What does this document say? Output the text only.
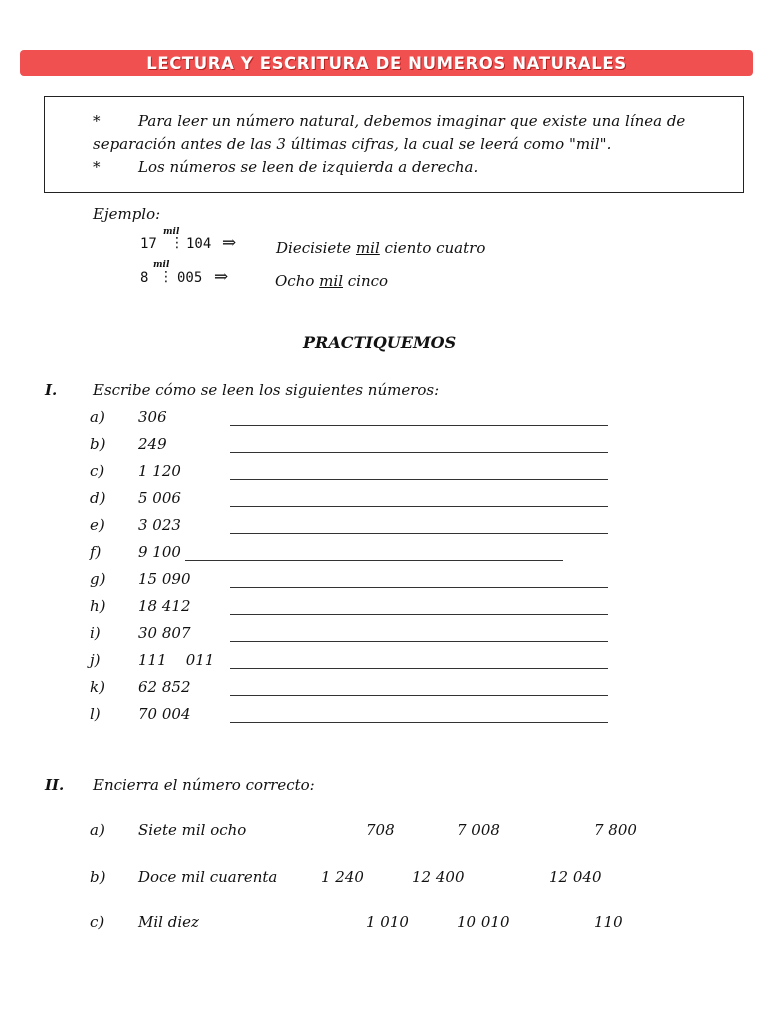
LECTURA Y ESCRITURA DE NUMEROS NATURALES
*	Para leer un número natural, debemos imaginar que existe una línea de
separación antes de las 3 últimas cifras, la cual se leerá como "mil".
*	Los números se leen de izquierda a derecha.
Ejemplo:
17
mil
⋮ 104 ⇒	Diecisiete mil ciento cuatro
8
mil
⋮ 005 ⇒	Ocho mil cinco
PRACTIQUEMOS
I. Escribe cómo se leen los siguientes números:
a) 306
b) 249
c) 1 120
d) 5 006
e) 3 023
f) 9 100
g) 15 090
h) 18 412
i) 30 807
j) 111    011
k) 62 852
l) 70 004
II. Encierra el número correcto:
a) Siete mil ocho	708	7 008	7 800
b) Doce mil cuarenta	1 240	12 400	12 040
c) Mil diez	1 010	10 010	110
